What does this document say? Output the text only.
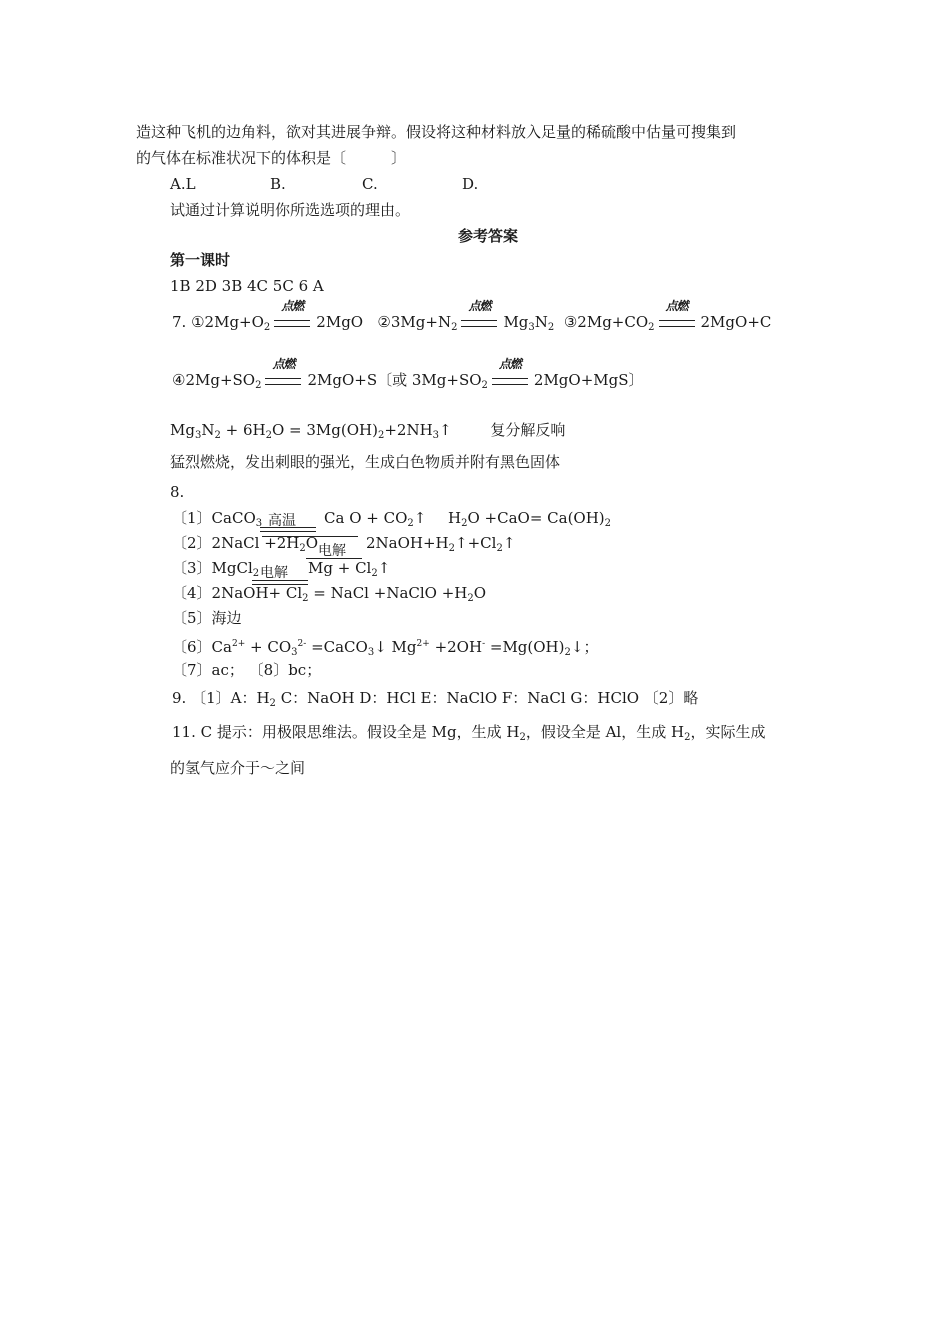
造这种飞机的边角料，欲对其进展争辩。假设将这种材料放入足量的稀硫酸中估量可搜集到
的气体在标准状况下的体积是〔　　　〕
A.L	B.	C.	D.
试通过计算说明你所选选项的理由。
参考答案
第一课时
1B 2D 3B 4C 5C 6 A
7. $①2Mg+O_2$
点燃
2MgO $②3Mg+N_2$
点燃
$Mg_3N_2$ $③2Mg+CO_2$
点燃
2MgO+C
$④2Mg+SO_2$
点燃
2MgO+S〔或 $3Mg+SO_2$
点燃
2MgO+MgS〕
$Mg_3N_2 + 6H_2O$ = $3Mg(OH)_2+2NH_3↑$	复分解反响
猛烈燃烧，发出刺眼的强光，生成白色物质并附有黑色固体
8.
〔1〕CaCO$_3$	Ca $O + CO_2↑$ $H_2O +CaO= Ca(OH)_2$
高温
〔2〕2NaCl $+2H_2O$	$2NaOH+H_2↑+Cl_2↑$
电解
〔3〕MgCl$_2$	$Mg + Cl_2↑$
电解
〔4〕2NaOH+ $Cl_2$ = NaCl +NaClO $+H_2O$
〔5〕海边
〔6〕$Ca^{2+} + CO_3^{2-}$ =CaCO$_3$↓ $Mg^{2+} +2OH^-$ $=Mg(OH)_2↓$；
〔7〕ac； 〔8〕bc；
9. 〔1〕A：$H_2$ C：NaOH D：HCl E：NaClO F：NaCl G：HClO 〔2〕略
11. C 提示：用极限思维法。假设全是 Mg，生成 $H_2$，假设全是 Al，生成 $H_2$，实际生成
的氢气应介于～之间
